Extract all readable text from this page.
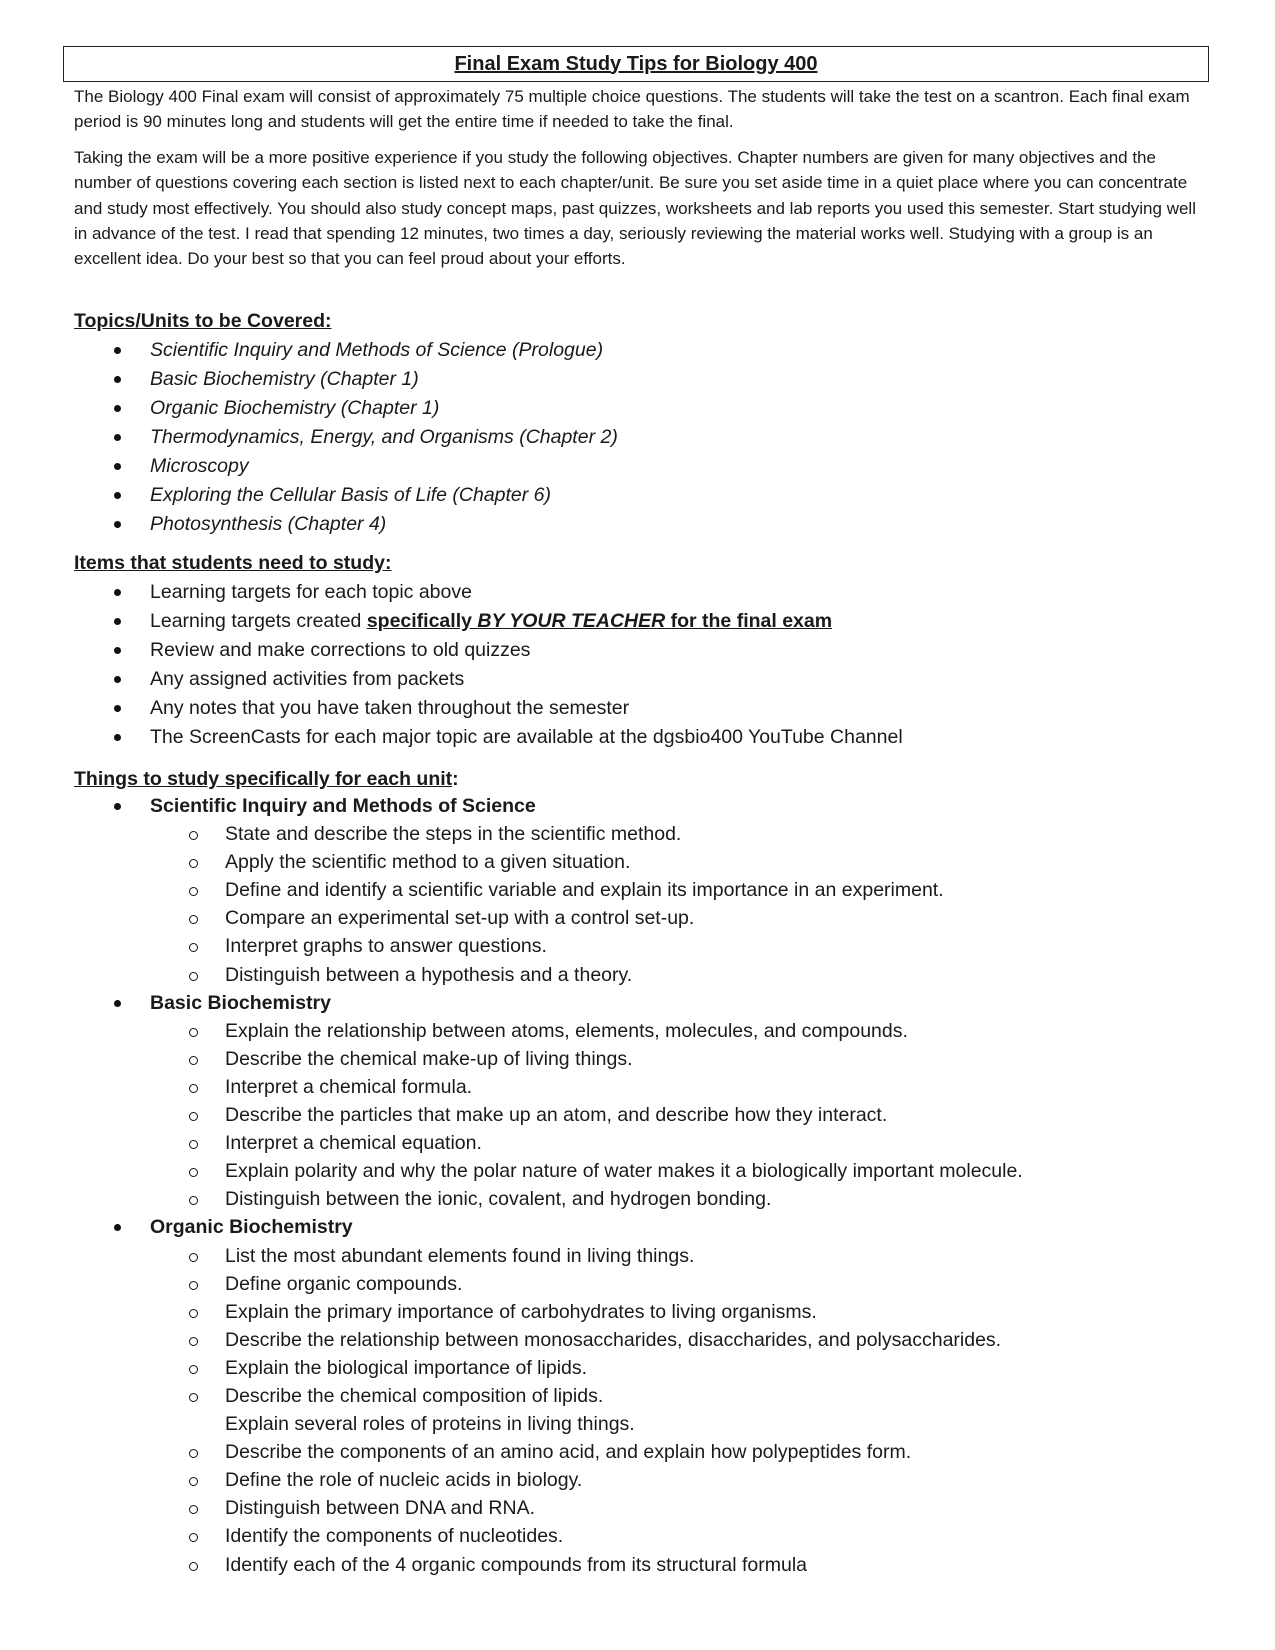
Final Exam Study Tips for Biology 400
The Biology 400 Final exam will consist of approximately 75 multiple choice questions. The students will take the test on a scantron. Each final exam period is 90 minutes long and students will get the entire time if needed to take the final.
Taking the exam will be a more positive experience if you study the following objectives. Chapter numbers are given for many objectives and the number of questions covering each section is listed next to each chapter/unit. Be sure you set aside time in a quiet place where you can concentrate and study most effectively. You should also study concept maps, past quizzes, worksheets and lab reports you used this semester. Start studying well in advance of the test. I read that spending 12 minutes, two times a day, seriously reviewing the material works well. Studying with a group is an excellent idea. Do your best so that you can feel proud about your efforts.
Topics/Units to be Covered:
Scientific Inquiry and Methods of Science (Prologue)
Basic Biochemistry (Chapter 1)
Organic Biochemistry (Chapter 1)
Thermodynamics, Energy, and Organisms (Chapter 2)
Microscopy
Exploring the Cellular Basis of Life (Chapter 6)
Photosynthesis (Chapter 4)
Items that students need to study:
Learning targets for each topic above
Learning targets created specifically BY YOUR TEACHER for the final exam
Review and make corrections to old quizzes
Any assigned activities from packets
Any notes that you have taken throughout the semester
The ScreenCasts for each major topic are available at the dgsbio400 YouTube Channel
Things to study specifically for each unit:
Scientific Inquiry and Methods of Science
State and describe the steps in the scientific method.
Apply the scientific method to a given situation.
Define and identify a scientific variable and explain its importance in an experiment.
Compare an experimental set-up with a control set-up.
Interpret graphs to answer questions.
Distinguish between a hypothesis and a theory.
Basic Biochemistry
Explain the relationship between atoms, elements, molecules, and compounds.
Describe the chemical make-up of living things.
Interpret a chemical formula.
Describe the particles that make up an atom, and describe how they interact.
Interpret a chemical equation.
Explain polarity and why the polar nature of water makes it a biologically important molecule.
Distinguish between the ionic, covalent, and hydrogen bonding.
Organic Biochemistry
List the most abundant elements found in living things.
Define organic compounds.
Explain the primary importance of carbohydrates to living organisms.
Describe the relationship between monosaccharides, disaccharides, and polysaccharides.
Explain the biological importance of lipids.
Describe the chemical composition of lipids.
Explain several roles of proteins in living things.
Describe the components of an amino acid, and explain how polypeptides form.
Define the role of nucleic acids in biology.
Distinguish between DNA and RNA.
Identify the components of nucleotides.
Identify each of the 4 organic compounds from its structural formula
